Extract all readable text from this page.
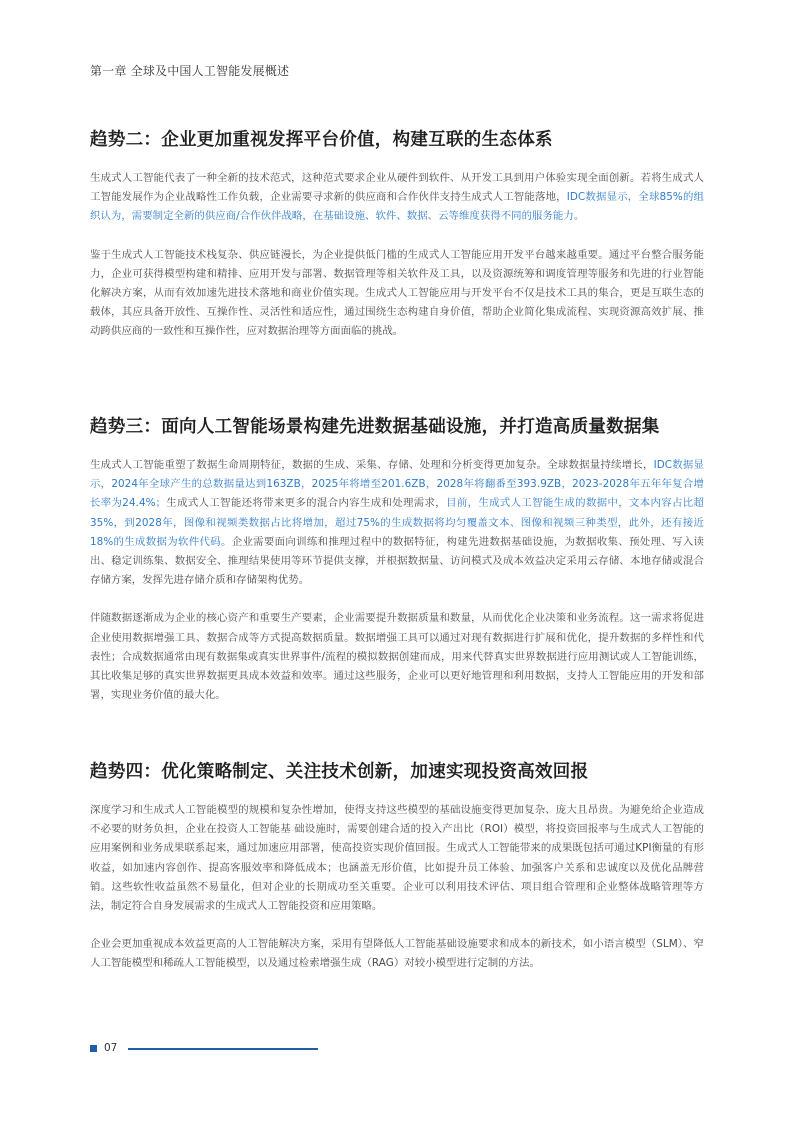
第一章 全球及中国人工智能发展概述
趋势二：企业更加重视发挥平台价值，构建互联的生态体系

生成式人工智能代表了一种全新的技术范式，这种范式要求企业从硬件到软件、从开发工具到用户体验实现全面创新。若将生成式人工智能发展作为企业战略性工作负载，企业需要寻求新的供应商和合作伙伴支持生成式人工智能落地，IDC数据显示，全球85%的组织认为，需要制定全新的供应商/合作伙伴战略，在基础设施、软件、数据、云等维度获得不同的服务能力。

鉴于生成式人工智能技术栈复杂、供应链漫长，为企业提供低门槛的生成式人工智能应用开发平台越来越重要。通过平台整合服务能力，企业可获得模型构建和精排、应用开发与部署、数据管理等相关软件及工具，以及资源统筹和调度管理等服务和先进的行业智能化解决方案，从而有效加速先进技术落地和商业价值实现。生成式人工智能应用与开发平台不仅是技术工具的集合，更是互联生态的载体，其应具备开放性、互操作性、灵活性和适应性，通过围绕生态构建自身价值，帮助企业简化集成流程、实现资源高效扩展、推动跨供应商的一致性和互操作性，应对数据治理等方面面临的挑战。

趋势三：面向人工智能场景构建先进数据基础设施，并打造高质量数据集

生成式人工智能重塑了数据生命周期特征，数据的生成、采集、存储、处理和分析变得更加复杂。全球数据量持续增长，IDC数据显示，2024年全球产生的总数据量达到163ZB，2025年将增至201.6ZB，2028年将翻番至393.9ZB，2023-2028年五年年复合增长率为24.4%；生成式人工智能还将带来更多的混合内容生成和处理需求，目前，生成式人工智能生成的数据中，文本内容占比超35%，到2028年，图像和视频类数据占比将增加，超过75%的生成数据将均匀覆盖文本、图像和视频三种类型，此外，还有接近18%的生成数据为软件代码。企业需要面向训练和推理过程中的数据特征，构建先进数据基础设施，为数据收集、预处理、写入读出、稳定训练集、数据安全、推理结果使用等环节提供支撑，并根据数据量、访问模式及成本效益决定采用云存储、本地存储或混合存储方案，发挥先进存储介质和存储架构优势。

伴随数据逐渐成为企业的核心资产和重要生产要素，企业需要提升数据质量和数量，从而优化企业决策和业务流程。这一需求将促进企业使用数据增强工具、数据合成等方式提高数据质量。数据增强工具可以通过对现有数据进行扩展和优化，提升数据的多样性和代表性；合成数据通常由现有数据集或真实世界事件/流程的模拟数据创建而成，用来代替真实世界数据进行应用测试或人工智能训练，其比收集足够的真实世界数据更具成本效益和效率。通过这些服务，企业可以更好地管理和利用数据，支持人工智能应用的开发和部署，实现业务价值的最大化。

趋势四：优化策略制定、关注技术创新，加速实现投资高效回报

深度学习和生成式人工智能模型的规模和复杂性增加，使得支持这些模型的基础设施变得更加复杂、庞大且昂贵。为避免给企业造成不必要的财务负担，企业在投资人工智能基 础设施时，需要创建合适的投入产出比（ROI）模型，将投资回报率与生成式人工智能的应用案例和业务成果联系起来，通过加速应用部署，使高投资实现价值回报。生成式人工智能带来的成果既包括可通过KPI衡量的有形收益，如加速内容创作、提高客服效率和降低成本；也涵盖无形价值，比如提升员工体验、加强客户关系和忠诚度以及优化品牌营销。这些软性收益虽然不易量化，但对企业的长期成功至关重要。企业可以利用技术评估、项目组合管理和企业整体战略管理等方法，制定符合自身发展需求的生成式人工智能投资和应用策略。

企业会更加重视成本效益更高的人工智能解决方案，采用有望降低人工智能基础设施要求和成本的新技术，如小语言模型（SLM）、窄人工智能模型和稀疏人工智能模型，以及通过检索增强生成（RAG）对较小模型进行定制的方法。

07
